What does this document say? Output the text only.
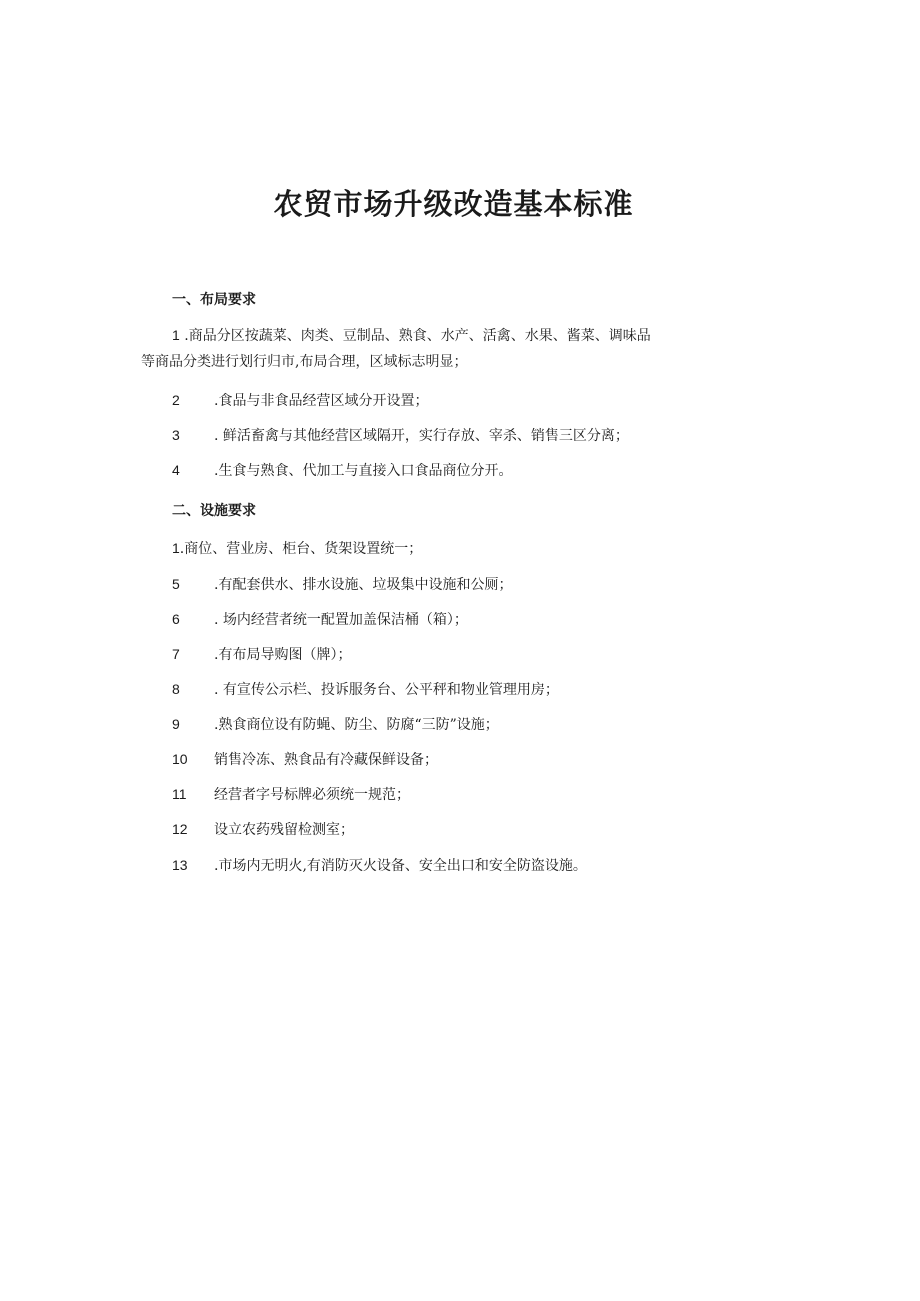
农贸市场升级改造基本标准
一、布局要求
1 .商品分区按蔬菜、肉类、豆制品、熟食、水产、活禽、水果、酱菜、调味品
等商品分类进行划行归市,布局合理，区域标志明显；
2 .食品与非食品经营区域分开设置；
3 . 鲜活畜禽与其他经营区域隔开，实行存放、宰杀、销售三区分离；
4 .生食与熟食、代加工与直接入口食品商位分开。
二、设施要求
1.商位、营业房、柜台、货架设置统一；
5 .有配套供水、排水设施、垃圾集中设施和公厕；
6 . 场内经营者统一配置加盖保洁桶（箱）；
7 .有布局导购图（牌）；
8 . 有宣传公示栏、投诉服务台、公平秤和物业管理用房；
9 .熟食商位设有防蝇、防尘、防腐“三防”设施；
10 销售冷冻、熟食品有冷藏保鲜设备；
11 经营者字号标牌必须统一规范；
12 设立农药残留检测室；
13 .市场内无明火,有消防灭火设备、安全出口和安全防盗设施。
